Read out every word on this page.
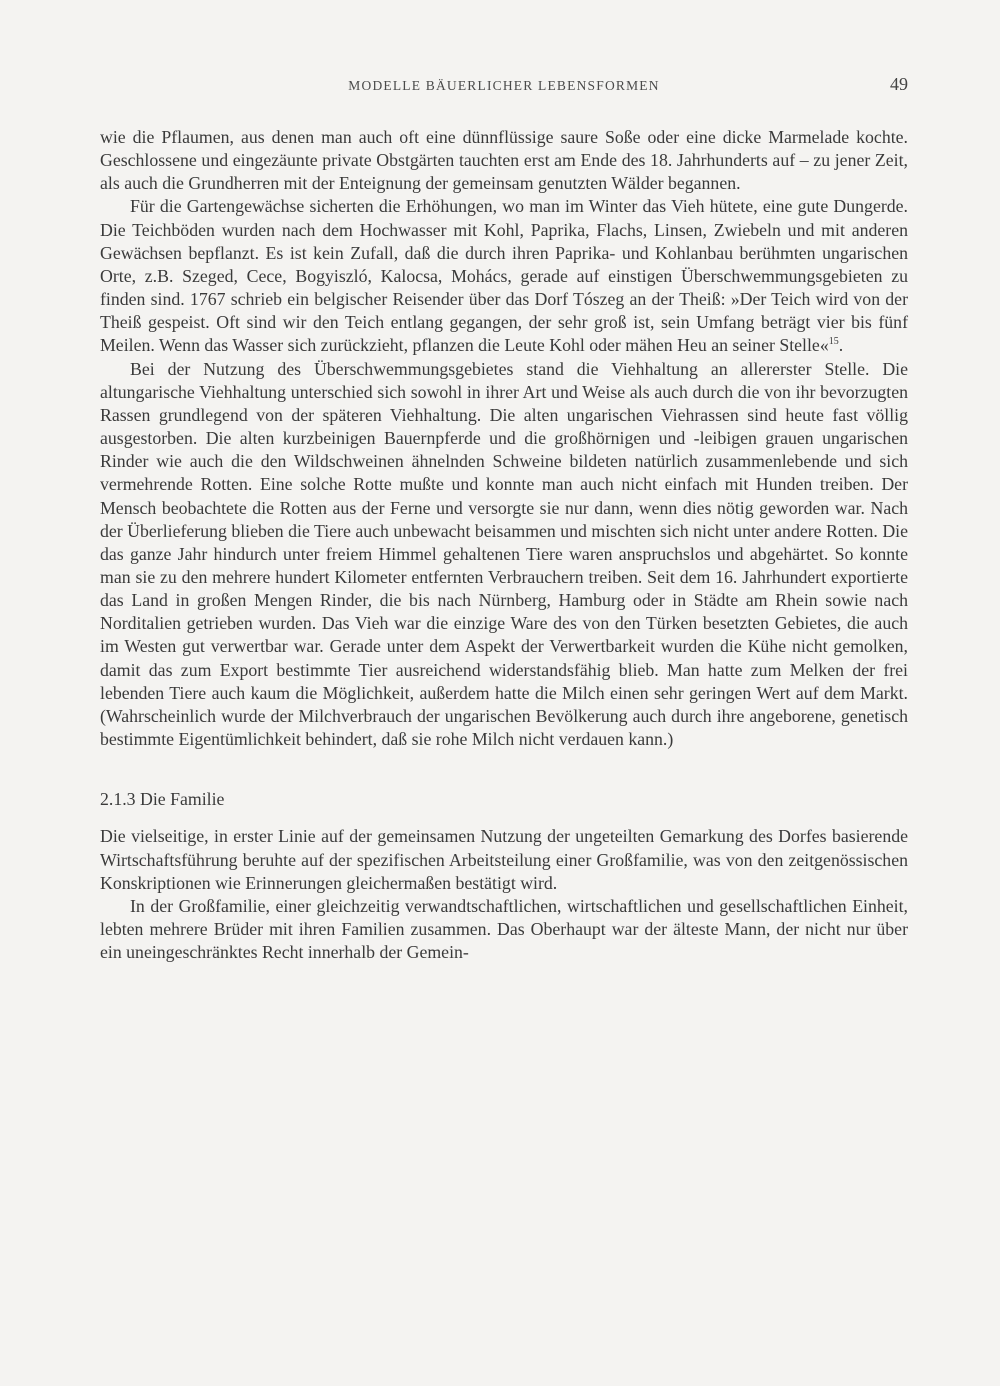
MODELLE BÄUERLICHER LEBENSFORMEN	49

wie die Pflaumen, aus denen man auch oft eine dünnflüssige saure Soße oder eine dicke Marmelade kochte. Geschlossene und eingezäunte private Obstgärten tauchten erst am Ende des 18. Jahrhunderts auf – zu jener Zeit, als auch die Grundherren mit der Enteignung der gemeinsam genutzten Wälder begannen.

Für die Gartengewächse sicherten die Erhöhungen, wo man im Winter das Vieh hütete, eine gute Dungerde. Die Teichböden wurden nach dem Hochwasser mit Kohl, Paprika, Flachs, Linsen, Zwiebeln und mit anderen Gewächsen bepflanzt. Es ist kein Zufall, daß die durch ihren Paprika- und Kohlanbau berühmten ungarischen Orte, z.B. Szeged, Cece, Bogyiszló, Kalocsa, Mohács, gerade auf einstigen Überschwemmungsgebieten zu finden sind. 1767 schrieb ein belgischer Reisender über das Dorf Tószeg an der Theiß: »Der Teich wird von der Theiß gespeist. Oft sind wir den Teich entlang gegangen, der sehr groß ist, sein Umfang beträgt vier bis fünf Meilen. Wenn das Wasser sich zurückzieht, pflanzen die Leute Kohl oder mähen Heu an seiner Stelle«$^{15}$.

Bei der Nutzung des Überschwemmungsgebietes stand die Viehhaltung an allererster Stelle. Die altungarische Viehhaltung unterschied sich sowohl in ihrer Art und Weise als auch durch die von ihr bevorzugten Rassen grundlegend von der späteren Viehhaltung. Die alten ungarischen Viehrassen sind heute fast völlig ausgestorben. Die alten kurzbeinigen Bauernpferde und die großhörnigen und -leibigen grauen ungarischen Rinder wie auch die den Wildschweinen ähnelnden Schweine bildeten natürlich zusammenlebende und sich vermehrende Rotten. Eine solche Rotte mußte und konnte man auch nicht einfach mit Hunden treiben. Der Mensch beobachtete die Rotten aus der Ferne und versorgte sie nur dann, wenn dies nötig geworden war. Nach der Überlieferung blieben die Tiere auch unbewacht beisammen und mischten sich nicht unter andere Rotten. Die das ganze Jahr hindurch unter freiem Himmel gehaltenen Tiere waren anspruchslos und abgehärtet. So konnte man sie zu den mehrere hundert Kilometer entfernten Verbrauchern treiben. Seit dem 16. Jahrhundert exportierte das Land in großen Mengen Rinder, die bis nach Nürnberg, Hamburg oder in Städte am Rhein sowie nach Norditalien getrieben wurden. Das Vieh war die einzige Ware des von den Türken besetzten Gebietes, die auch im Westen gut verwertbar war. Gerade unter dem Aspekt der Verwertbarkeit wurden die Kühe nicht gemolken, damit das zum Export bestimmte Tier ausreichend widerstandsfähig blieb. Man hatte zum Melken der frei lebenden Tiere auch kaum die Möglichkeit, außerdem hatte die Milch einen sehr geringen Wert auf dem Markt. (Wahrscheinlich wurde der Milchverbrauch der ungarischen Bevölkerung auch durch ihre angeborene, genetisch bestimmte Eigentümlichkeit behindert, daß sie rohe Milch nicht verdauen kann.)

2.1.3 Die Familie

Die vielseitige, in erster Linie auf der gemeinsamen Nutzung der ungeteilten Gemarkung des Dorfes basierende Wirtschaftsführung beruhte auf der spezifischen Arbeitsteilung einer Großfamilie, was von den zeitgenössischen Konskriptionen wie Erinnerungen gleichermaßen bestätigt wird.

In der Großfamilie, einer gleichzeitig verwandtschaftlichen, wirtschaftlichen und gesellschaftlichen Einheit, lebten mehrere Brüder mit ihren Familien zusammen. Das Oberhaupt war der älteste Mann, der nicht nur über ein uneingeschränktes Recht innerhalb der Gemein-
